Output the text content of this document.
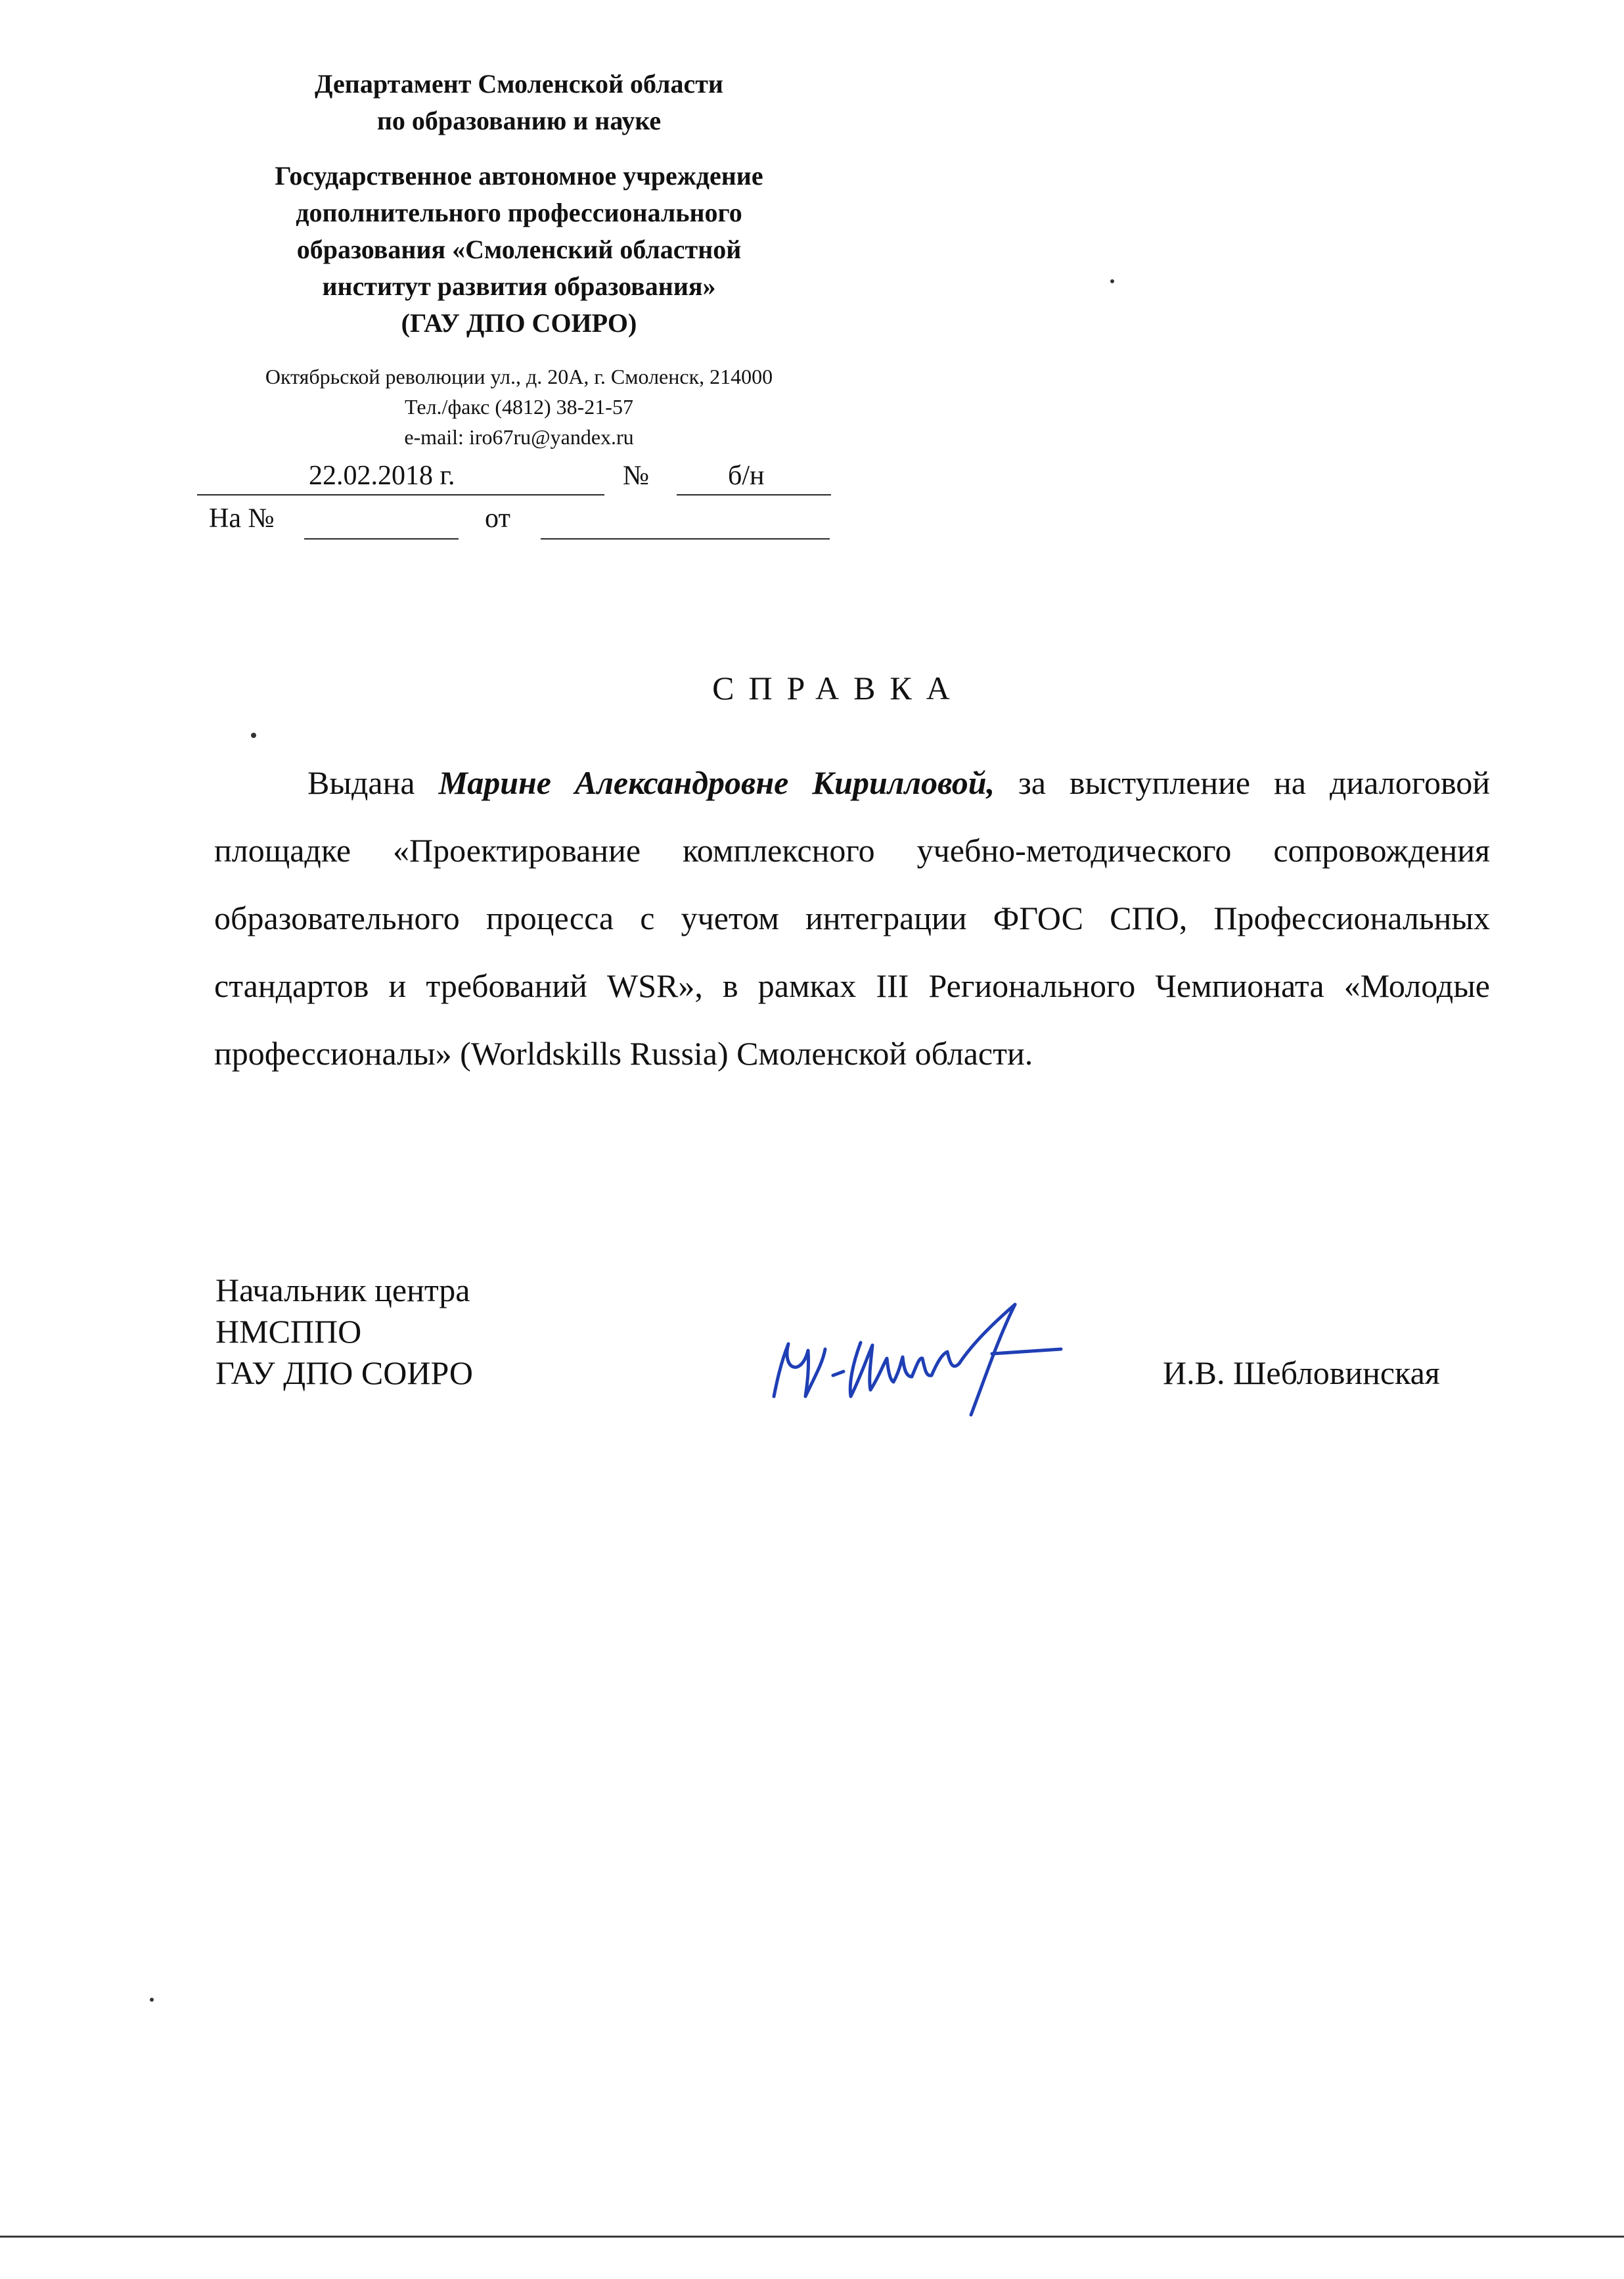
Департамент Смоленской области

по образованию и науке

Государственное автономное учреждение

дополнительного профессионального

образования «Смоленский областной

институт развития образования»

(ГАУ ДПО СОИРО)

Октябрьской революции ул., д. 20А, г. Смоленск, 214000

Тел./факс (4812) 38-21-57

e-mail: iro67ru@yandex.ru

22.02.2018 г.	№	б/н
На №	от
СПРАВКА

Выдана Марине Александровне Кирилловой, за выступление на диалоговой площадке «Проектирование комплексного учебно-методического сопровождения образовательного процесса с учетом интеграции ФГОС СПО, Профессиональных стандартов и требований WSR», в рамках III Регионального Чемпионата «Молодые профессионалы» (Worldskills Russia) Смоленской области.

Начальник центра
НМСППО
ГАУ ДПО СОИРО	И.В. Шебловинская
